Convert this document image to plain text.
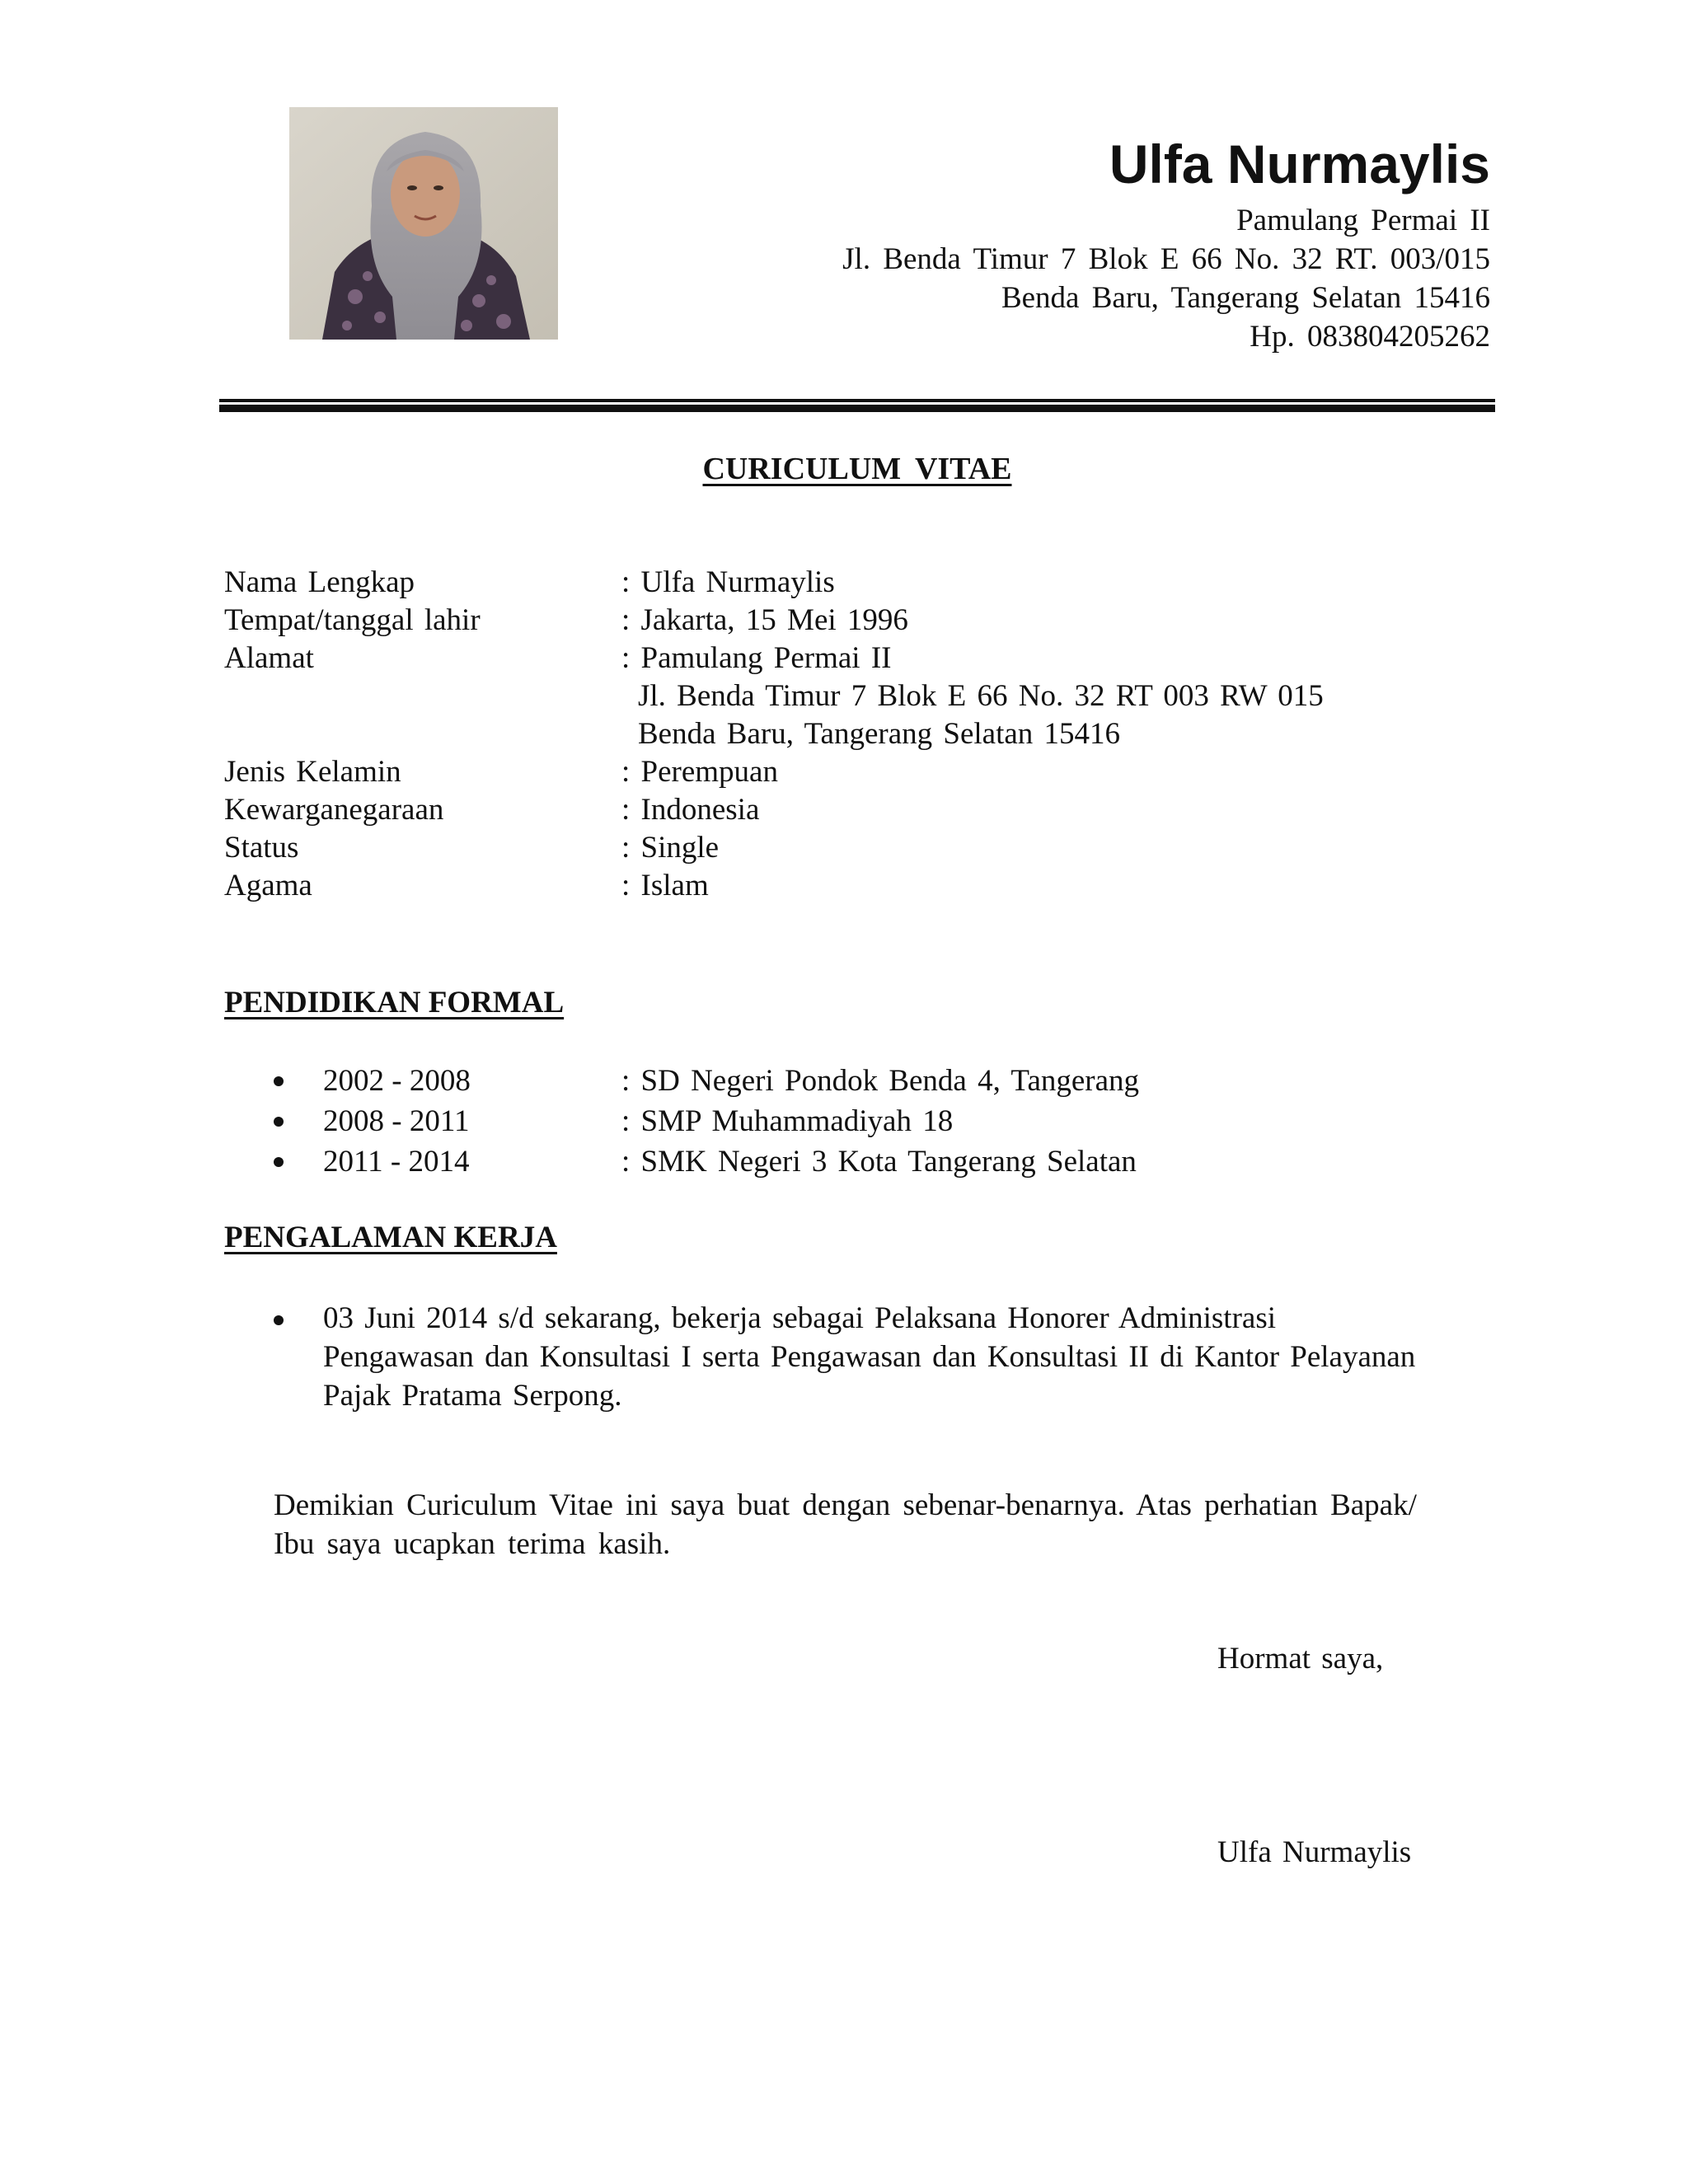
Ulfa Nurmaylis
Pamulang Permai II
Jl. Benda Timur 7 Blok E 66 No. 32 RT. 003/015
Benda Baru, Tangerang Selatan 15416
Hp. 083804205262
CURICULUM VITAE
Nama Lengkap	: Ulfa Nurmaylis
Tempat/tanggal lahir	: Jakarta, 15 Mei 1996
Alamat	: Pamulang Permai II
Jl. Benda Timur 7 Blok E 66 No. 32 RT 003 RW 015
Benda Baru, Tangerang Selatan 15416
Jenis Kelamin	: Perempuan
Kewarganegaraan	: Indonesia
Status	: Single
Agama	: Islam
PENDIDIKAN FORMAL
2002 - 2008	: SD Negeri Pondok Benda 4, Tangerang
2008 - 2011	: SMP Muhammadiyah 18
2011 - 2014	: SMK Negeri 3 Kota Tangerang Selatan
PENGALAMAN KERJA
03 Juni 2014 s/d sekarang, bekerja sebagai Pelaksana Honorer Administrasi
Pengawasan dan Konsultasi I serta Pengawasan dan Konsultasi II di Kantor Pelayanan
Pajak Pratama Serpong.
Demikian Curiculum Vitae ini saya buat dengan sebenar-benarnya. Atas perhatian Bapak/
Ibu saya ucapkan terima kasih.
Hormat saya,
Ulfa Nurmaylis
